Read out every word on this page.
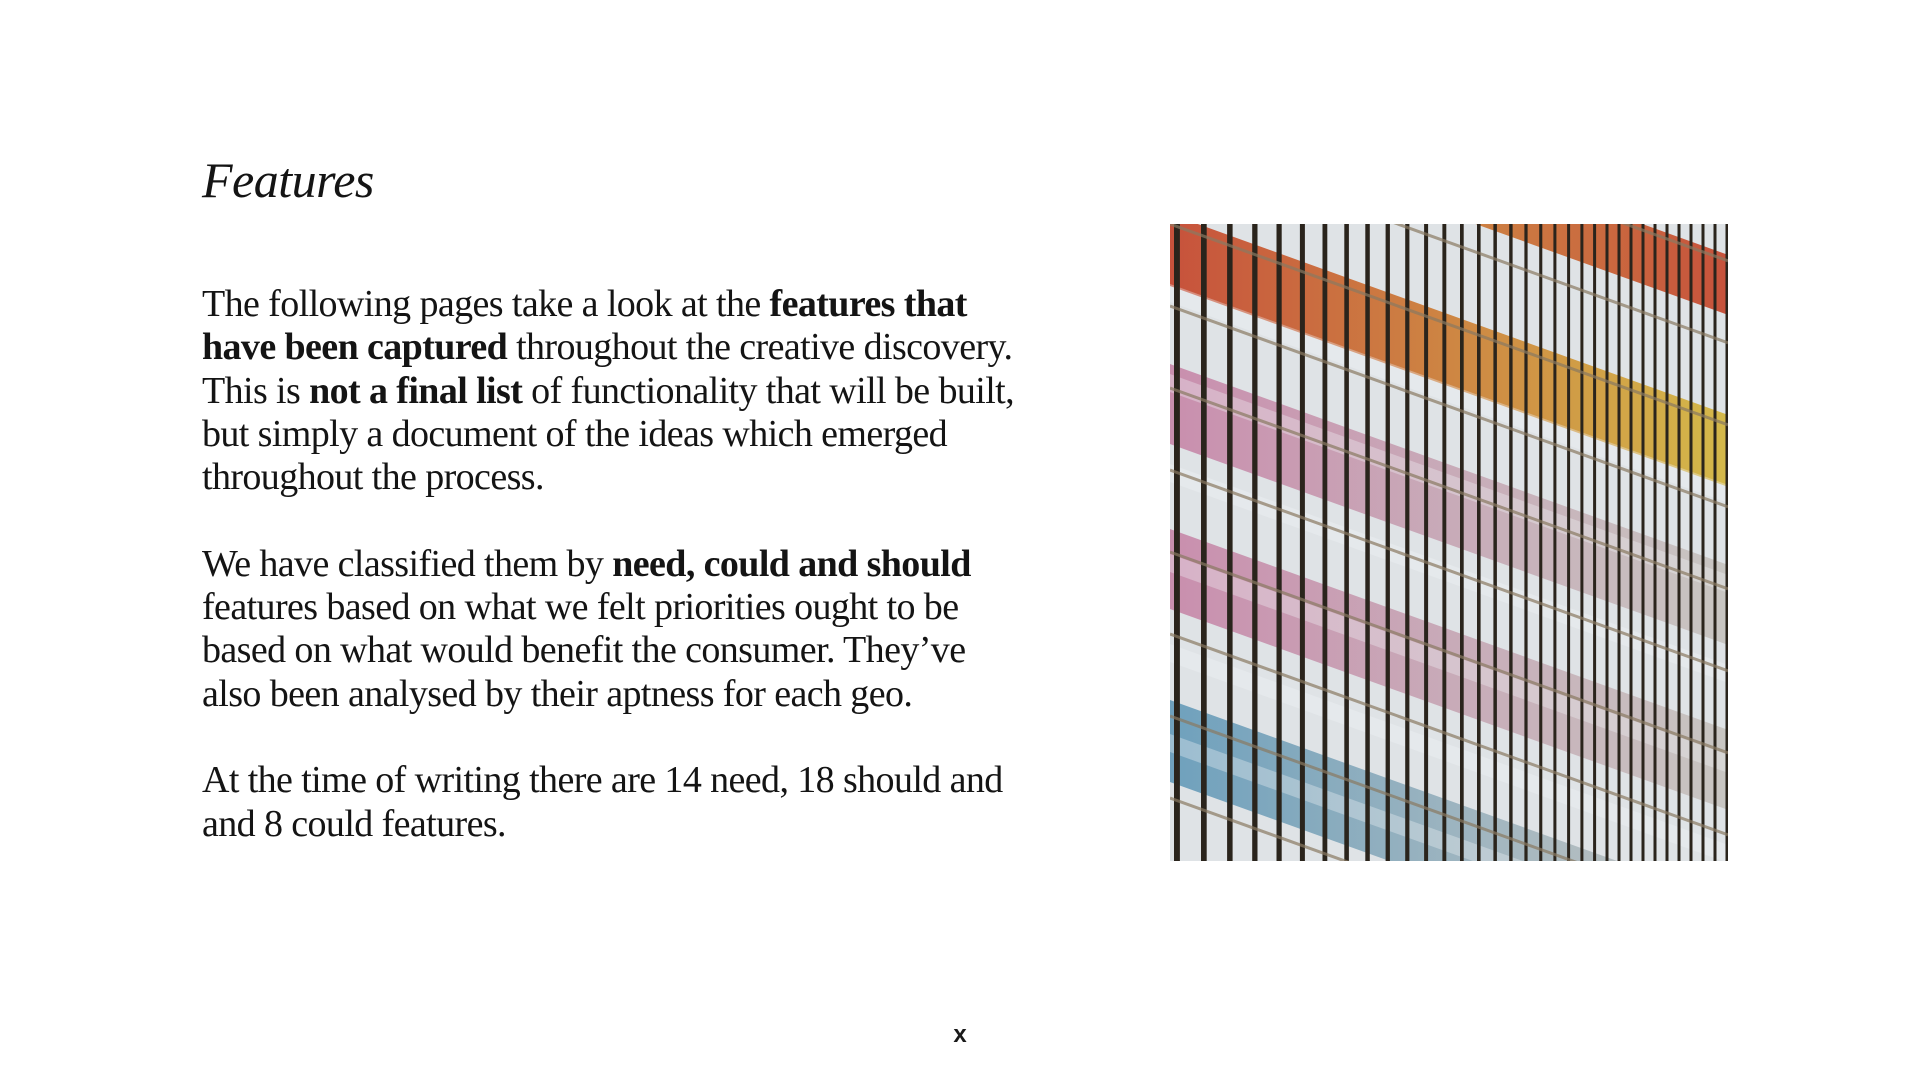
Features

The following pages take a look at the features that have been captured throughout the creative discovery. This is not a final list of functionality that will be built, but simply a document of the ideas which emerged throughout the process.

We have classified them by need, could and should features based on what we felt priorities ought to be based on what would benefit the consumer. They’ve also been analysed by their aptness for each geo.

At the time of writing there are 14 need, 18 should and and 8 could features.

x
